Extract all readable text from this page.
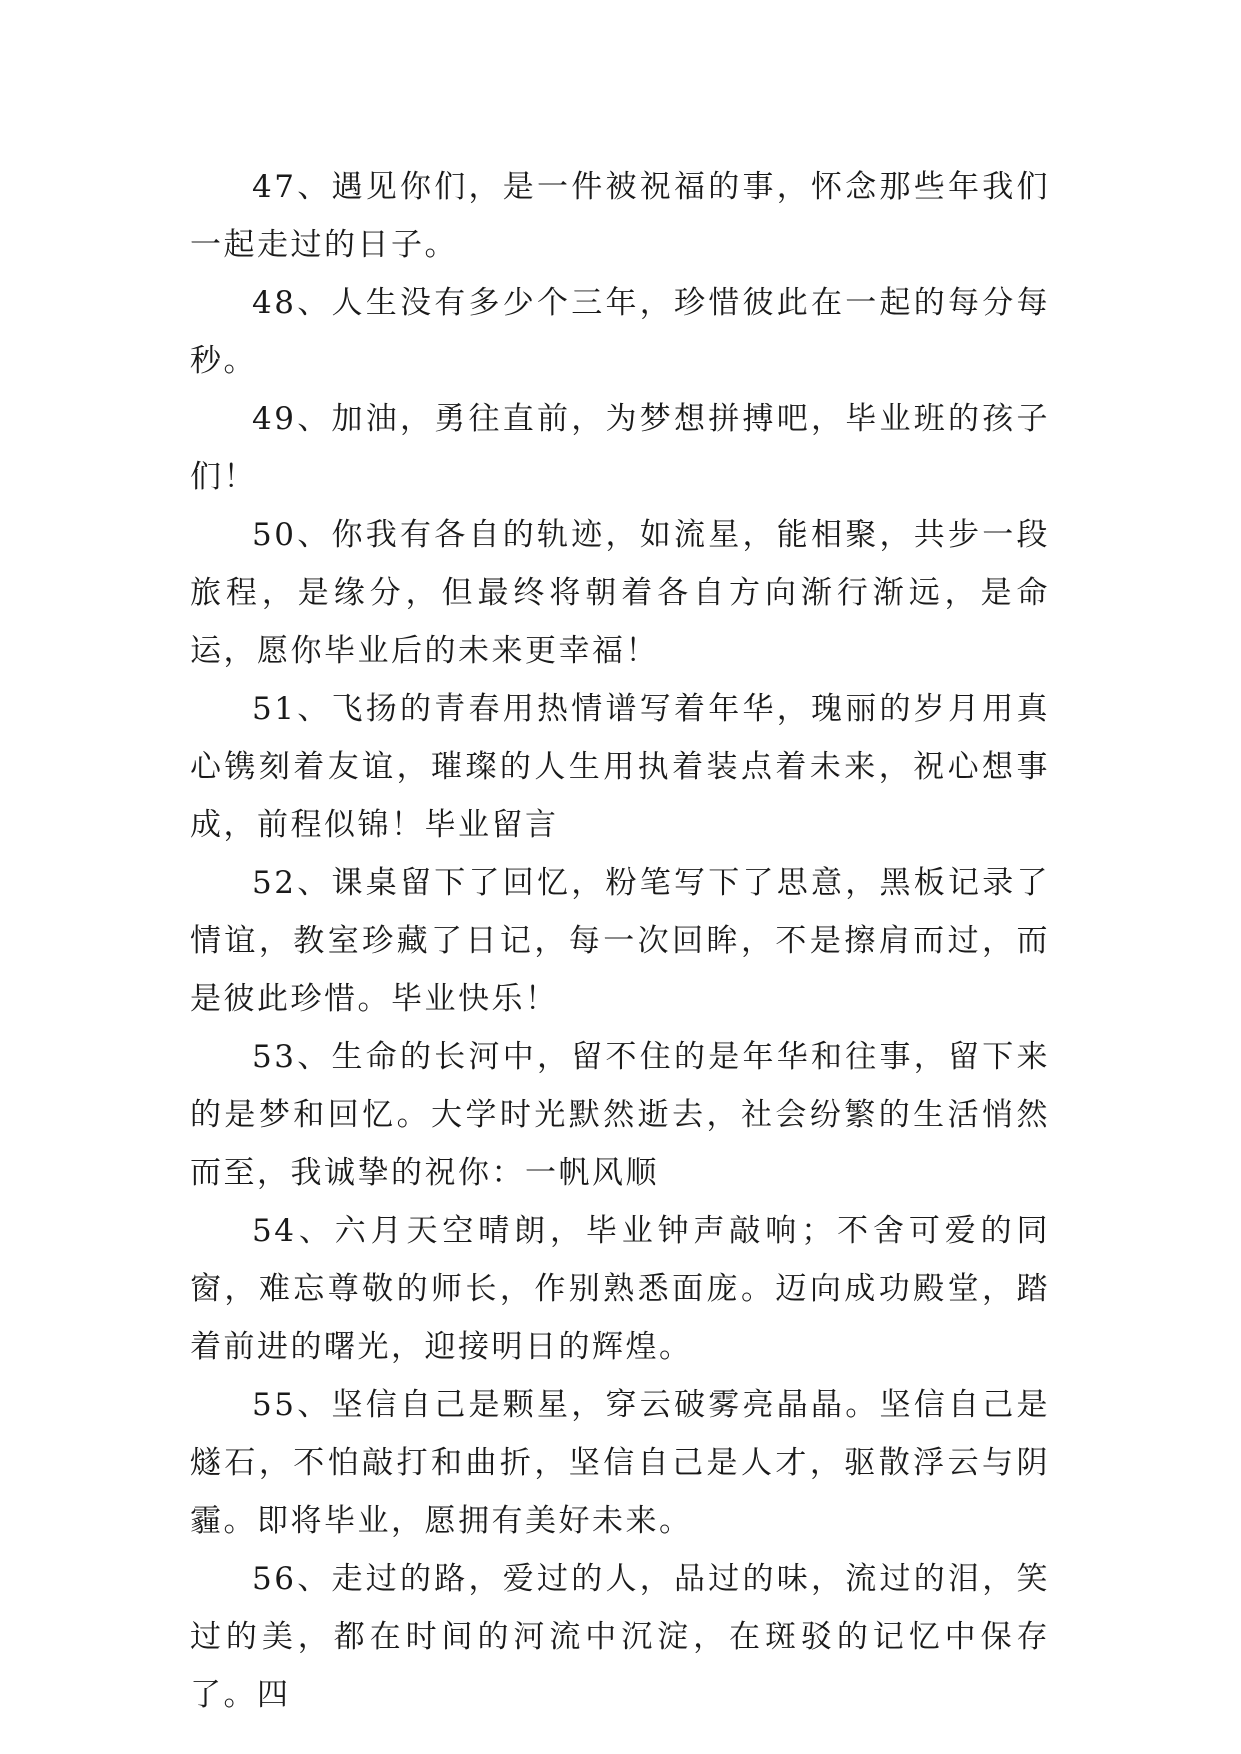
47、遇见你们，是一件被祝福的事，怀念那些年我们一起走过的日子。

48、人生没有多少个三年，珍惜彼此在一起的每分每秒。

49、加油，勇往直前，为梦想拼搏吧，毕业班的孩子们！

50、你我有各自的轨迹，如流星，能相聚，共步一段旅程，是缘分，但最终将朝着各自方向渐行渐远，是命运，愿你毕业后的未来更幸福！

51、飞扬的青春用热情谱写着年华，瑰丽的岁月用真心镌刻着友谊，璀璨的人生用执着装点着未来，祝心想事成，前程似锦！毕业留言

52、课桌留下了回忆，粉笔写下了思意，黑板记录了情谊，教室珍藏了日记，每一次回眸，不是擦肩而过，而是彼此珍惜。毕业快乐！

53、生命的长河中，留不住的是年华和往事，留下来的是梦和回忆。大学时光默然逝去，社会纷繁的生活悄然而至，我诚挚的祝你：一帆风顺

54、六月天空晴朗，毕业钟声敲响；不舍可爱的同窗，难忘尊敬的师长，作别熟悉面庞。迈向成功殿堂，踏着前进的曙光，迎接明日的辉煌。

55、坚信自己是颗星，穿云破雾亮晶晶。坚信自己是燧石，不怕敲打和曲折，坚信自己是人才，驱散浮云与阴霾。即将毕业，愿拥有美好未来。

56、走过的路，爱过的人，品过的味，流过的泪，笑过的美，都在时间的河流中沉淀，在斑驳的记忆中保存了。四
